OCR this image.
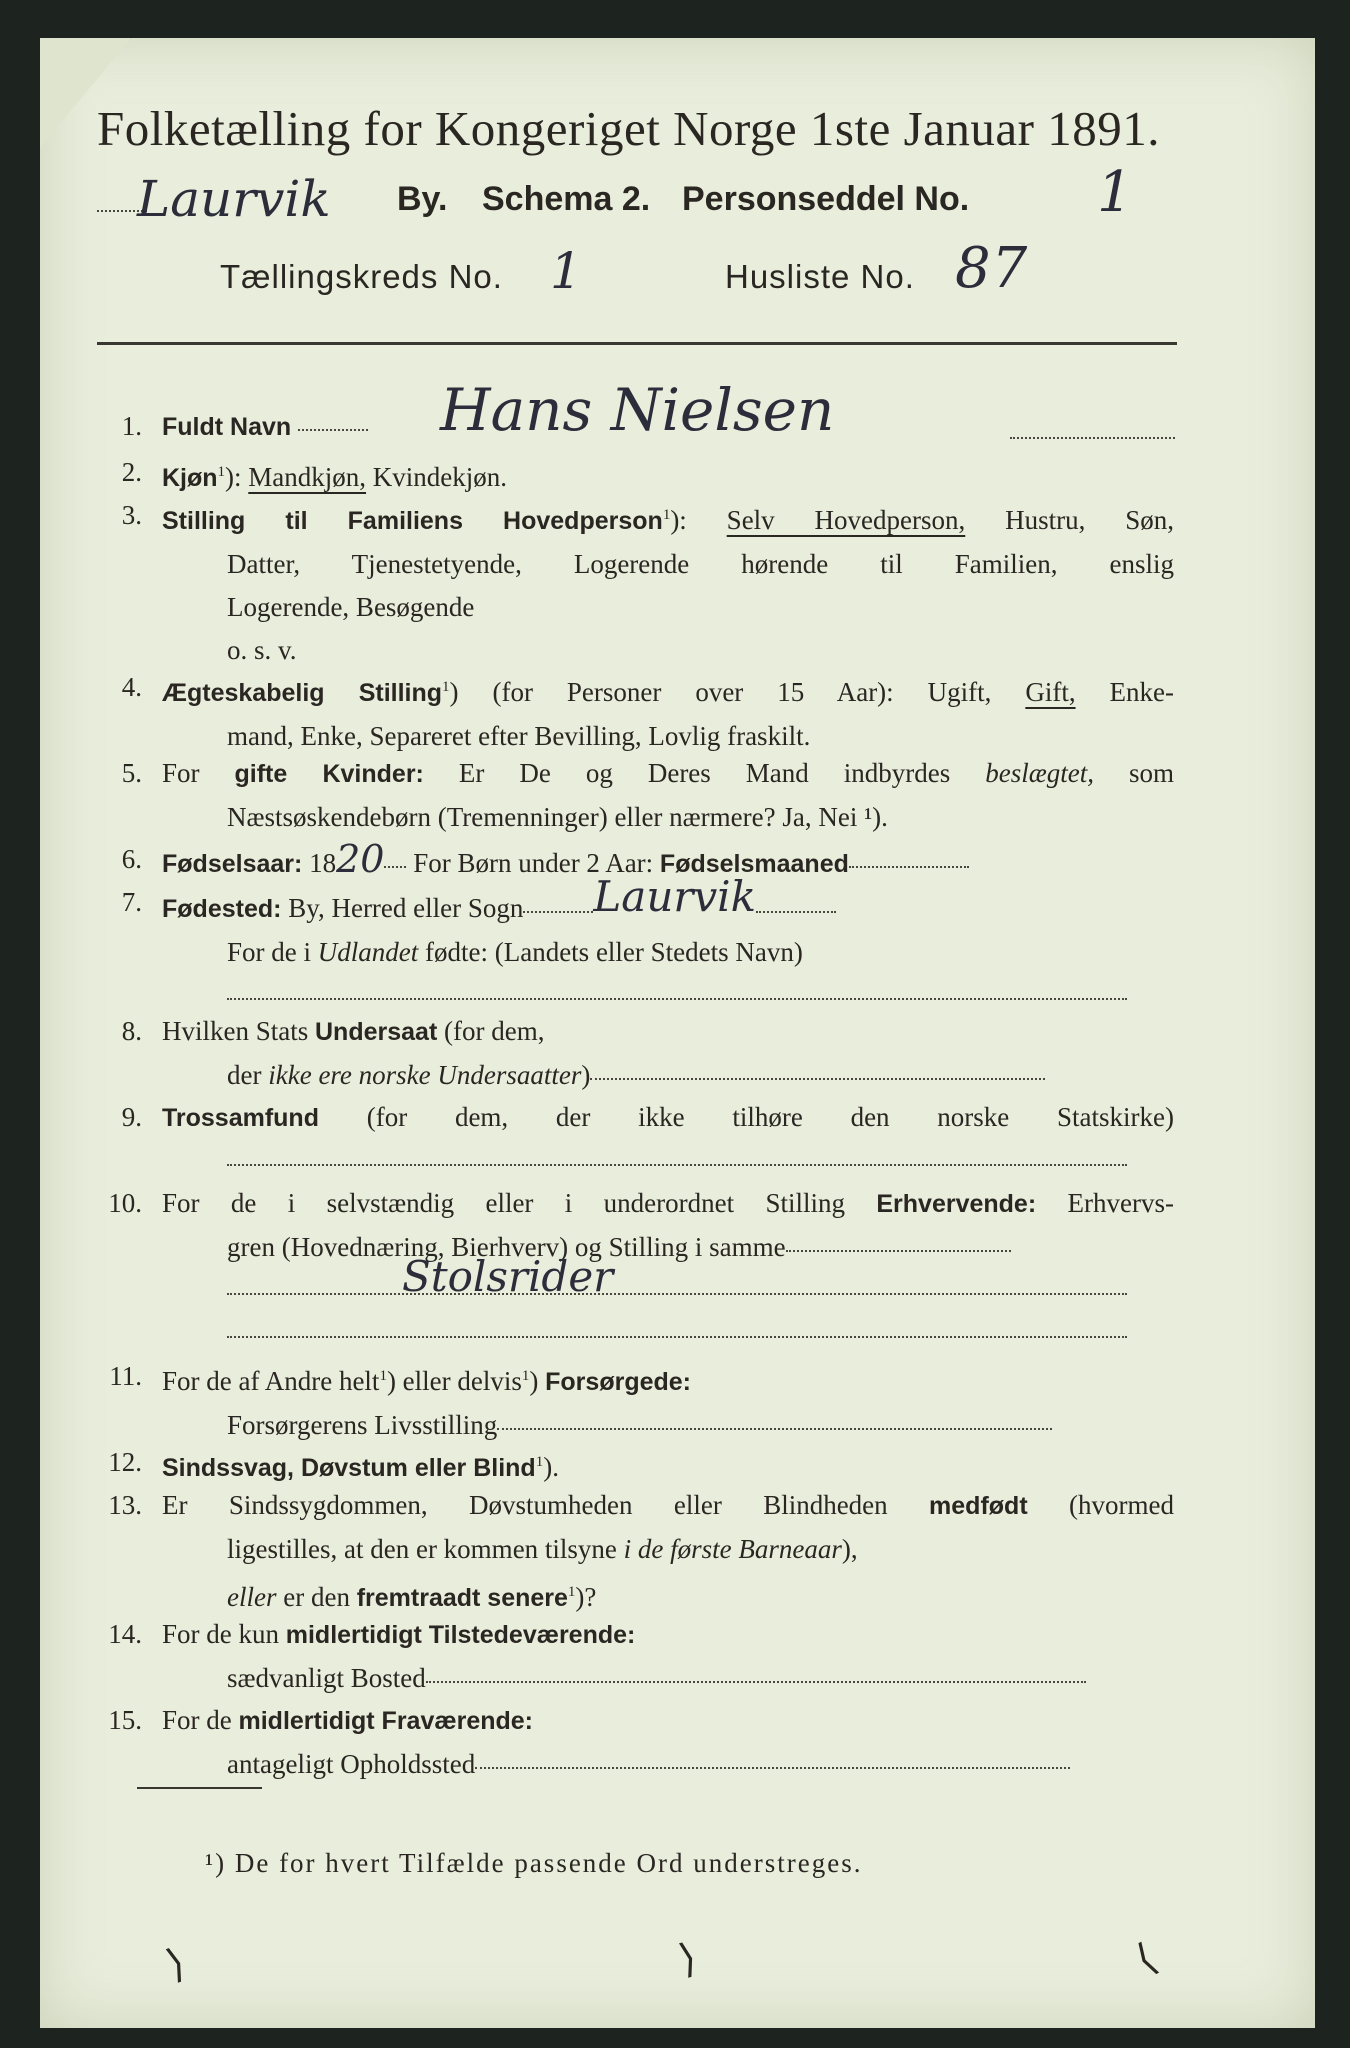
Folketælling for Kongeriget Norge 1ste Januar 1891.
Laurvik By. Schema 2. Personseddel No. 1
Tællingskreds No. 1	Husliste No. 87
1. Fuldt Navn	Hans Nielsen
2. Kjøn$^1$): Mandkjøn, Kvindekjøn.
3. Stilling til Familiens Hovedperson$^1$): Selv Hovedperson, Hustru, Søn,
Datter, Tjenestetyende, Logerende hørende til Familien, enslig
Logerende, Besøgende
o. s. v.
4. Ægteskabelig Stilling$^1$) (for Personer over 15 Aar): Ugift, Gift, Enke-
mand, Enke, Separeret efter Bevilling, Lovlig fraskilt.
5. For gifte Kvinder: Er De og Deres Mand indbyrdes beslægtet, som
Næstsøskendebørn (Tremenninger) eller nærmere? Ja, Nei ¹).
6. Fødselsaar: 1820 For Børn under 2 Aar: Fødselsmaaned
7. Fødested: By, Herred eller Sogn Laurvik
For de i Udlandet fødte: (Landets eller Stedets Navn)
8. Hvilken Stats Undersaat (for dem,
der ikke ere norske Undersaatter)
9. Trossamfund (for dem, der ikke tilhøre den norske Statskirke)
10. For de i selvstændig eller i underordnet Stilling Erhvervende: Erhvervs-
gren (Hovednæring, Bierhverv) og Stilling i samme
Stolsrider
11. For de af Andre helt$^1$) eller delvis$^1$) Forsørgede:
Forsørgerens Livsstilling
12. Sindssvag, Døvstum eller Blind$^1$).
13. Er Sindssygdommen, Døvstumheden eller Blindheden medfødt (hvormed
ligestilles, at den er kommen tilsyne i de første Barneaar),
eller er den fremtraadt senere$^1$)?
14. For de kun midlertidigt Tilstedeværende:
sædvanligt Bosted
15. For de midlertidigt Fraværende:
antageligt Opholdssted
¹) De for hvert Tilfælde passende Ord understreges.
⟩	⟩	⟨
